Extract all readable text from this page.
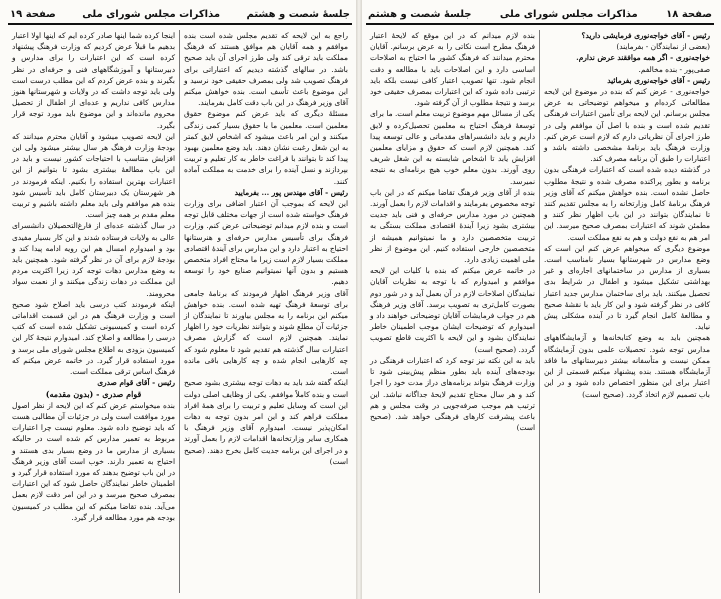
جلسهٔ شصت و هشتم
مذاکرات مجلس شورای ملی
صفحة ۱۹

راجع به این لایحه که تقدیم مجلس شده است بنده موافقم و همه آقایان هم موافق هستند که فرهنگ مملکت باید ترقی کند ولی طرز اجرای آن باید صحیح باشد. در سالهای گذشته دیدیم که اعتباراتی برای فرهنگ تصویب شد ولی بمصرف حقیقی خود نرسید و این موضوع باعث تأسف است. بنده خواهش میکنم آقای وزیر فرهنگ در این باب دقت کامل بفرمایند.

مسئلهٔ دیگری که باید عرض کنم موضوع حقوق معلمین است. معلمین ما با حقوق بسیار کمی زندگی میکنند و این امر باعث میشود که اشخاص لایق کمتر به این شغل رغبت نشان دهند. باید وضع معلمین بهبود پیدا کند تا بتوانند با فراغت خاطر به کار تعلیم و تربیت بپردازند و نسل آینده را برای خدمت به مملکت آماده کنند.

رئیس - آقای مهندس پور ... بفرمایید

این لایحه که بموجب آن اعتبار اضافی برای وزارت فرهنگ خواسته شده است از جهات مختلف قابل توجه است و بنده لازم میدانم توضیحاتی عرض کنم. وزارت فرهنگ برای تأسیس مدارس حرفه‌ای و هنرستانها احتیاج به اعتبار دارد و این مدارس برای آیندهٔ اقتصادی مملکت بسیار لازم است زیرا ما محتاج افراد متخصص هستیم و بدون آنها نمیتوانیم صنایع خود را توسعه دهیم.

آقای وزیر فرهنگ اظهار فرمودند که برنامهٔ جامعی برای توسعهٔ فرهنگ تهیه شده است. بنده خواهش میکنم این برنامه را به مجلس بیاورند تا نمایندگان از جزئیات آن مطلع شوند و بتوانند نظریات خود را اظهار نمایند. همچنین لازم است که گزارش مصرف اعتبارات سال گذشته هم تقدیم شود تا معلوم شود که چه کارهایی انجام شده و چه کارهایی باقی مانده است.

اینکه گفته شد باید به دهات توجه بیشتری بشود صحیح است و بنده کاملاً موافقم. یکی از وظایف اصلی دولت این است که وسایل تعلیم و تربیت را برای همهٔ افراد مملکت فراهم کند و این امر بدون توجه به دهات امکان‌پذیر نیست. امیدوارم آقای وزیر فرهنگ با همکاری سایر وزارتخانه‌ها اقدامات لازم را بعمل آورند و در اجرای این برنامه جدیت کامل بخرج دهند. (صحیح است)

اینجا کرده شما اینها صادر کرده ایم که اینها اولا اعتبار بدهیم ما قبلاً عرض کردیم که وزارت فرهنگ پیشنهاد کرده است که این اعتبارات را برای مدارس و دبیرستانها و آموزشگاههای فنی و حرفه‌ای در نظر بگیرند و بنده عرض کردم که این مطلب درست است ولی باید توجه داشت که در ولایات و شهرستانها هنوز مدارس کافی نداریم و عده‌ای از اطفال از تحصیل محروم مانده‌اند و این موضوع باید مورد توجه قرار بگیرد.

این لایحه تصویب میشود و آقایان محترم میدانند که بودجهٔ وزارت فرهنگ هر سال بیشتر میشود ولی این افزایش متناسب با احتیاجات کشور نیست و باید در این باب مطالعهٔ بیشتری بشود تا بتوانیم از این اعتبارات بهترین استفاده را بکنیم. اینکه فرمودند در هر شهرستان یک دبیرستان کامل باید تأسیس شود بنده هم موافقم ولی باید معلم داشته باشیم و تربیت معلم مقدم بر همه چیز است.

در سال گذشته عده‌ای از فارغ‌التحصیلان دانشسرای عالی به ولایات فرستاده شدند و این کار بسیار مفیدی بود و امیدوارم امسال هم این رویه ادامه پیدا کند و بودجهٔ لازم برای آن در نظر گرفته شود. همچنین باید به وضع مدارس دهات توجه کرد زیرا اکثریت مردم این مملکت در دهات زندگی میکنند و از نعمت سواد محرومند.

اینکه فرمودند کتب درسی باید اصلاح شود صحیح است و وزارت فرهنگ هم در این قسمت اقداماتی کرده است و کمیسیونی تشکیل شده است که کتب درسی را مطالعه و اصلاح کند. امیدوارم نتیجهٔ کار این کمیسیون بزودی به اطلاع مجلس شورای ملی برسد و مورد استفاده قرار گیرد. در خاتمه عرض میکنم که فرهنگ اساس ترقی مملکت است.

رئیس - آقای قوام صدری

قوام صدری - (بدون مقدمه)

بنده میخواستم عرض کنم که این لایحه از نظر اصول مورد موافقت است ولی در جزئیات آن مطالبی هست که باید توضیح داده شود. معلوم نیست چرا اعتبارات مربوط به تعمیر مدارس کم شده است در حالیکه بسیاری از مدارس ما در وضع بسیار بدی هستند و احتیاج به تعمیر دارند. خوب است آقای وزیر فرهنگ در این باب توضیح بدهند که مورد استفاده قرار گیرد و اطمینان خاطر نمایندگان حاصل شود که این اعتبارات بمصرف صحیح میرسد و در این امر دقت لازم بعمل می‌آید. بنده تقاضا میکنم که این مطلب در کمیسیون بودجه هم مورد مطالعه قرار گیرد.

صفحة ۱۸
مذاکرات مجلس شورای ملی
جلسهٔ شصت و هشتم

رئیس - آقای خواجه‌نوری فرمایشی دارید؟

(بعضی از نمایندگان - بفرمایند)

خواجه‌نوری - اگر همه موافقند عرض ندارم.

صفی‌پور - بنده مخالفم.

رئیس - آقای خواجه‌نوری بفرمائید

خواجه‌نوری - عرض کنم که بنده در موضوع این لایحه مطالعاتی کرده‌ام و میخواهم توضیحاتی به عرض مجلس برسانم. این لایحه برای تأمین اعتبارات فرهنگی تقدیم شده است و بنده با اصل آن موافقم ولی در طرز اجرای آن نظریاتی دارم که لازم است عرض کنم. وزارت فرهنگ باید برنامهٔ مشخصی داشته باشد و اعتبارات را طبق آن برنامه مصرف کند.

در گذشته دیده شده است که اعتبارات فرهنگی بدون برنامه و بطور پراکنده مصرف شده و نتیجهٔ مطلوب حاصل نشده است. بنده خواهش میکنم که آقای وزیر فرهنگ برنامهٔ کامل وزارتخانه را به مجلس تقدیم کنند تا نمایندگان بتوانند در این باب اظهار نظر کنند و مطمئن شوند که اعتبارات بمصرف صحیح میرسد. این امر هم به نفع دولت و هم به نفع مملکت است.

موضوع دیگری که میخواهم عرض کنم این است که وضع مدارس در شهرستانها بسیار نامناسب است. بسیاری از مدارس در ساختمانهای اجاره‌ای و غیر بهداشتی تشکیل میشود و اطفال در شرایط بدی تحصیل میکنند. باید برای ساختمان مدارس جدید اعتبار کافی در نظر گرفته شود و این کار باید با نقشهٔ صحیح و مطالعهٔ کامل انجام گیرد تا در آینده مشکلی پیش نیاید.

همچنین باید به وضع کتابخانه‌ها و آزمایشگاههای مدارس توجه شود. تحصیلات علمی بدون آزمایشگاه ممکن نیست و متأسفانه بیشتر دبیرستانهای ما فاقد آزمایشگاه هستند. بنده پیشنهاد میکنم قسمتی از این اعتبار برای این منظور اختصاص داده شود و در این باب تصمیم لازم اتخاذ گردد. (صحیح است)

بنده لازم میدانم که در این موقع که لایحهٔ اعتبار فرهنگ مطرح است نکاتی را به عرض برسانم. آقایان محترم میدانند که فرهنگ کشور ما احتیاج به اصلاحات اساسی دارد و این اصلاحات باید با مطالعه و دقت انجام شود. تنها تصویب اعتبار کافی نیست بلکه باید ترتیبی داده شود که این اعتبارات بمصرف حقیقی خود برسد و نتیجهٔ مطلوب از آن گرفته شود.

یکی از مسائل مهم موضوع تربیت معلم است. ما برای توسعهٔ فرهنگ احتیاج به معلمین تحصیل‌کرده و لایق داریم و باید دانشسراهای مقدماتی و عالی توسعه پیدا کند. همچنین لازم است که حقوق و مزایای معلمین افزایش یابد تا اشخاص شایسته به این شغل شریف روی آورند. بدون معلم خوب هیچ برنامه‌ای به نتیجه نمیرسد.

بنده از آقای وزیر فرهنگ تقاضا میکنم که در این باب توجه مخصوص بفرمایند و اقدامات لازم را بعمل آورند. همچنین در مورد مدارس حرفه‌ای و فنی باید جدیت بیشتری بشود زیرا آیندهٔ اقتصادی مملکت بستگی به تربیت متخصصین دارد و ما نمیتوانیم همیشه از متخصصین خارجی استفاده کنیم. این موضوع از نظر ملی اهمیت زیادی دارد.

در خاتمه عرض میکنم که بنده با کلیات این لایحه موافقم و امیدوارم که با توجه به نظریات آقایان نمایندگان اصلاحات لازم در آن بعمل آید و در شور دوم بصورت کامل‌تری به تصویب برسد. آقای وزیر فرهنگ هم در جواب فرمایشات آقایان توضیحاتی خواهند داد و امیدوارم که توضیحات ایشان موجب اطمینان خاطر نمایندگان بشود و این لایحه با اکثریت قاطع تصویب گردد. (صحیح است)

باید به این نکته نیز توجه کرد که اعتبارات فرهنگی در بودجه‌های آینده باید بطور منظم پیش‌بینی شود تا وزارت فرهنگ بتواند برنامه‌های دراز مدت خود را اجرا کند و هر سال محتاج تقدیم لایحهٔ جداگانه نباشد. این ترتیب هم موجب صرفه‌جویی در وقت مجلس و هم باعث پیشرفت کارهای فرهنگی خواهد شد. (صحیح است)
